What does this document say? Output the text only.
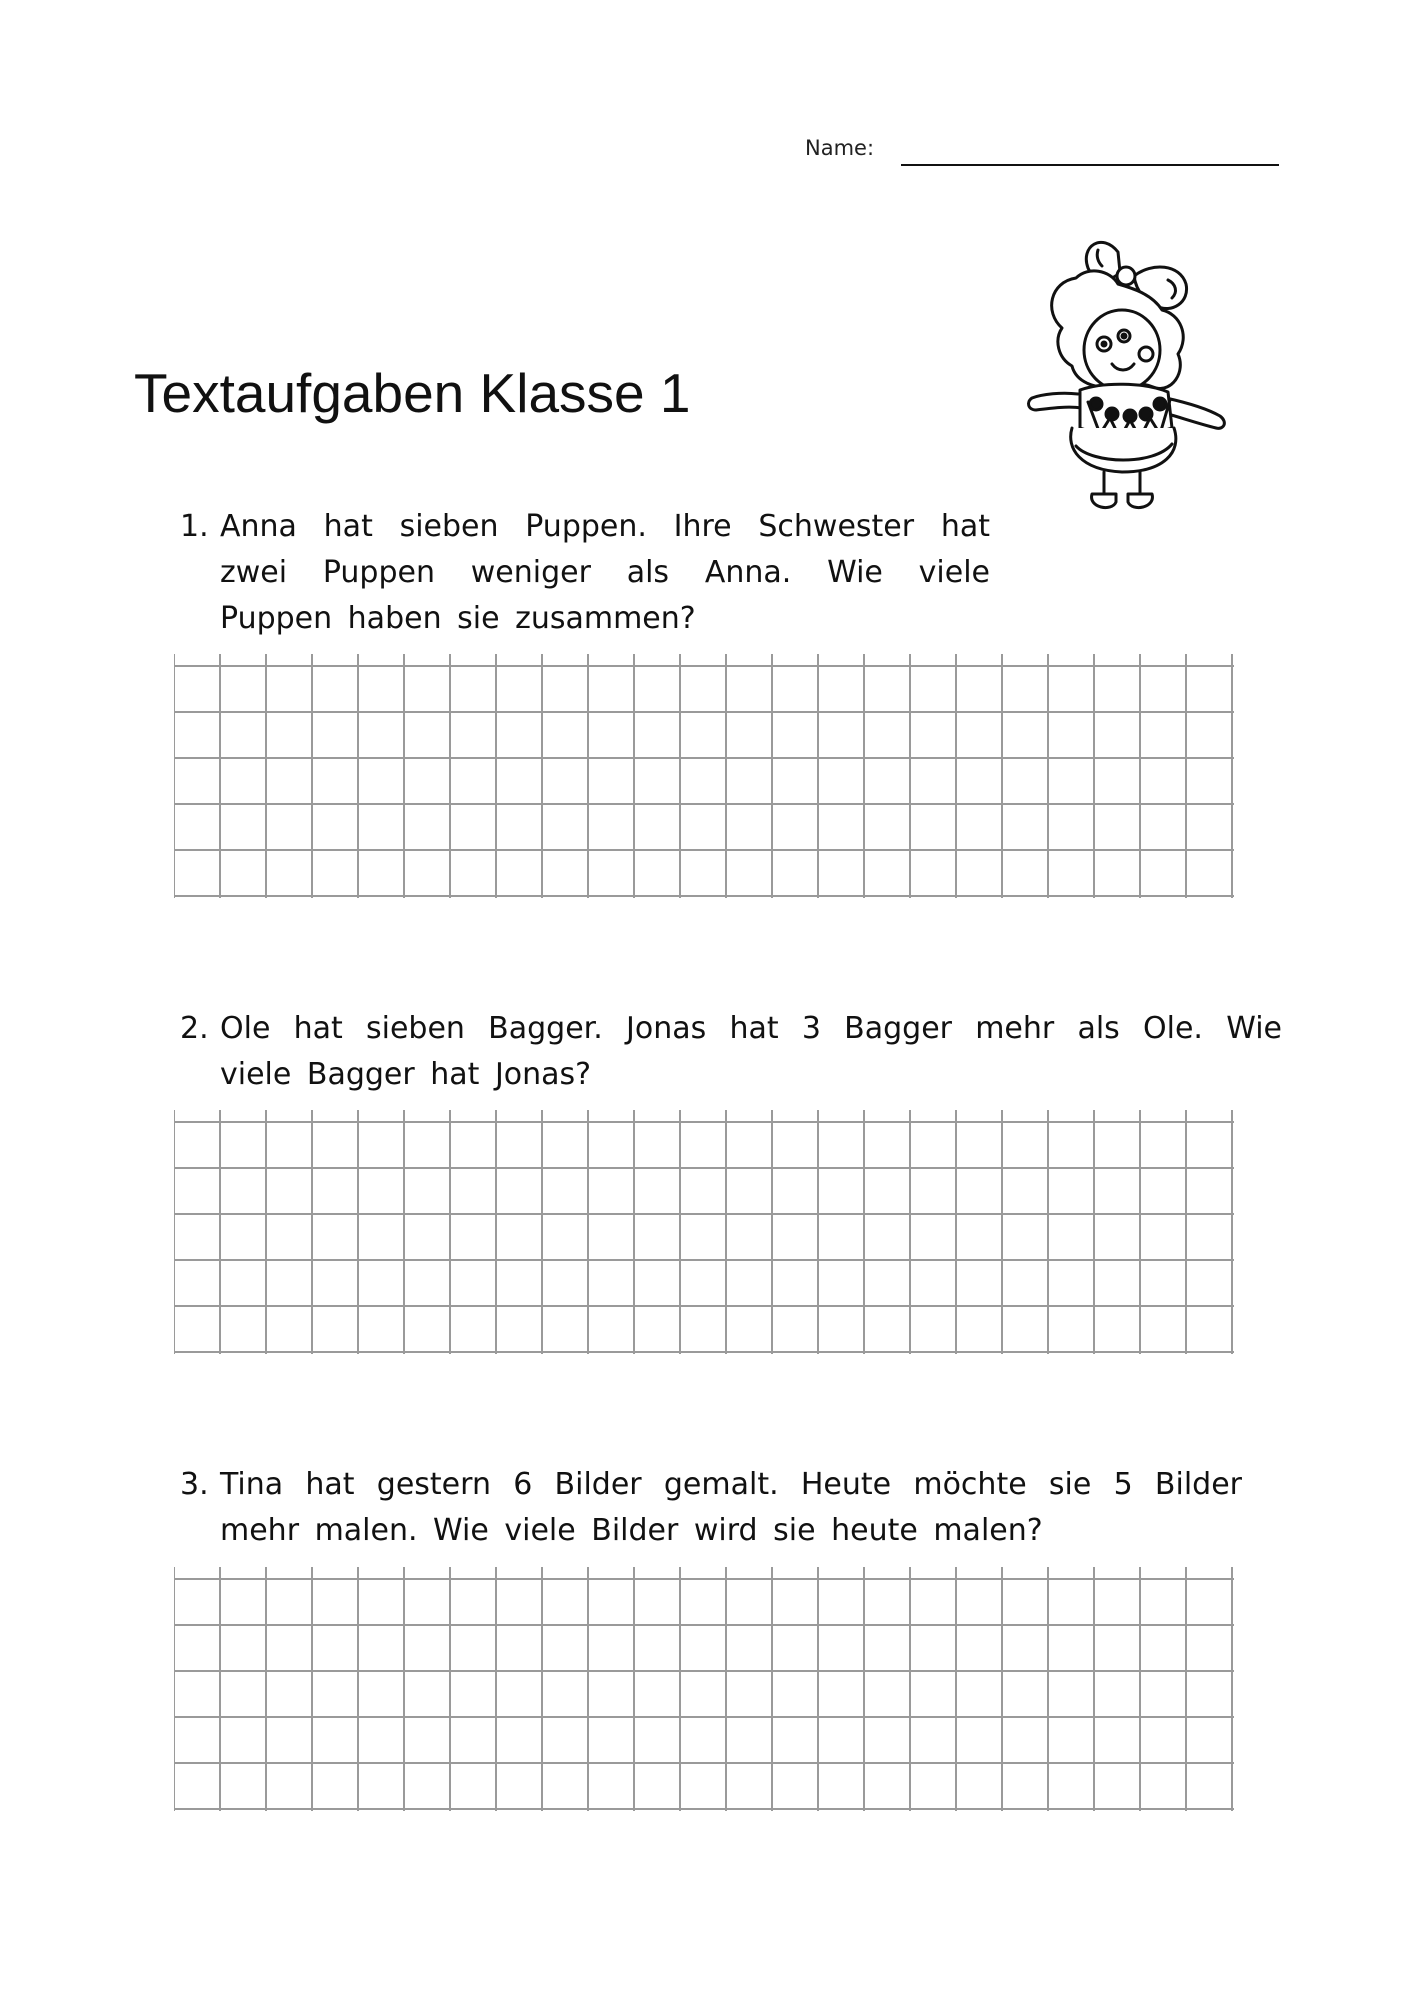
Name:
Textaufgaben Klasse 1
1. Anna hat sieben Puppen. Ihre Schwester hat zwei Puppen weniger als Anna. Wie viele Puppen haben sie zusammen?
2. Ole hat sieben Bagger. Jonas hat 3 Bagger mehr als Ole. Wie viele Bagger hat Jonas?
3. Tina hat gestern 6 Bilder gemalt. Heute möchte sie 5 Bilder mehr malen. Wie viele Bilder wird sie heute malen?
